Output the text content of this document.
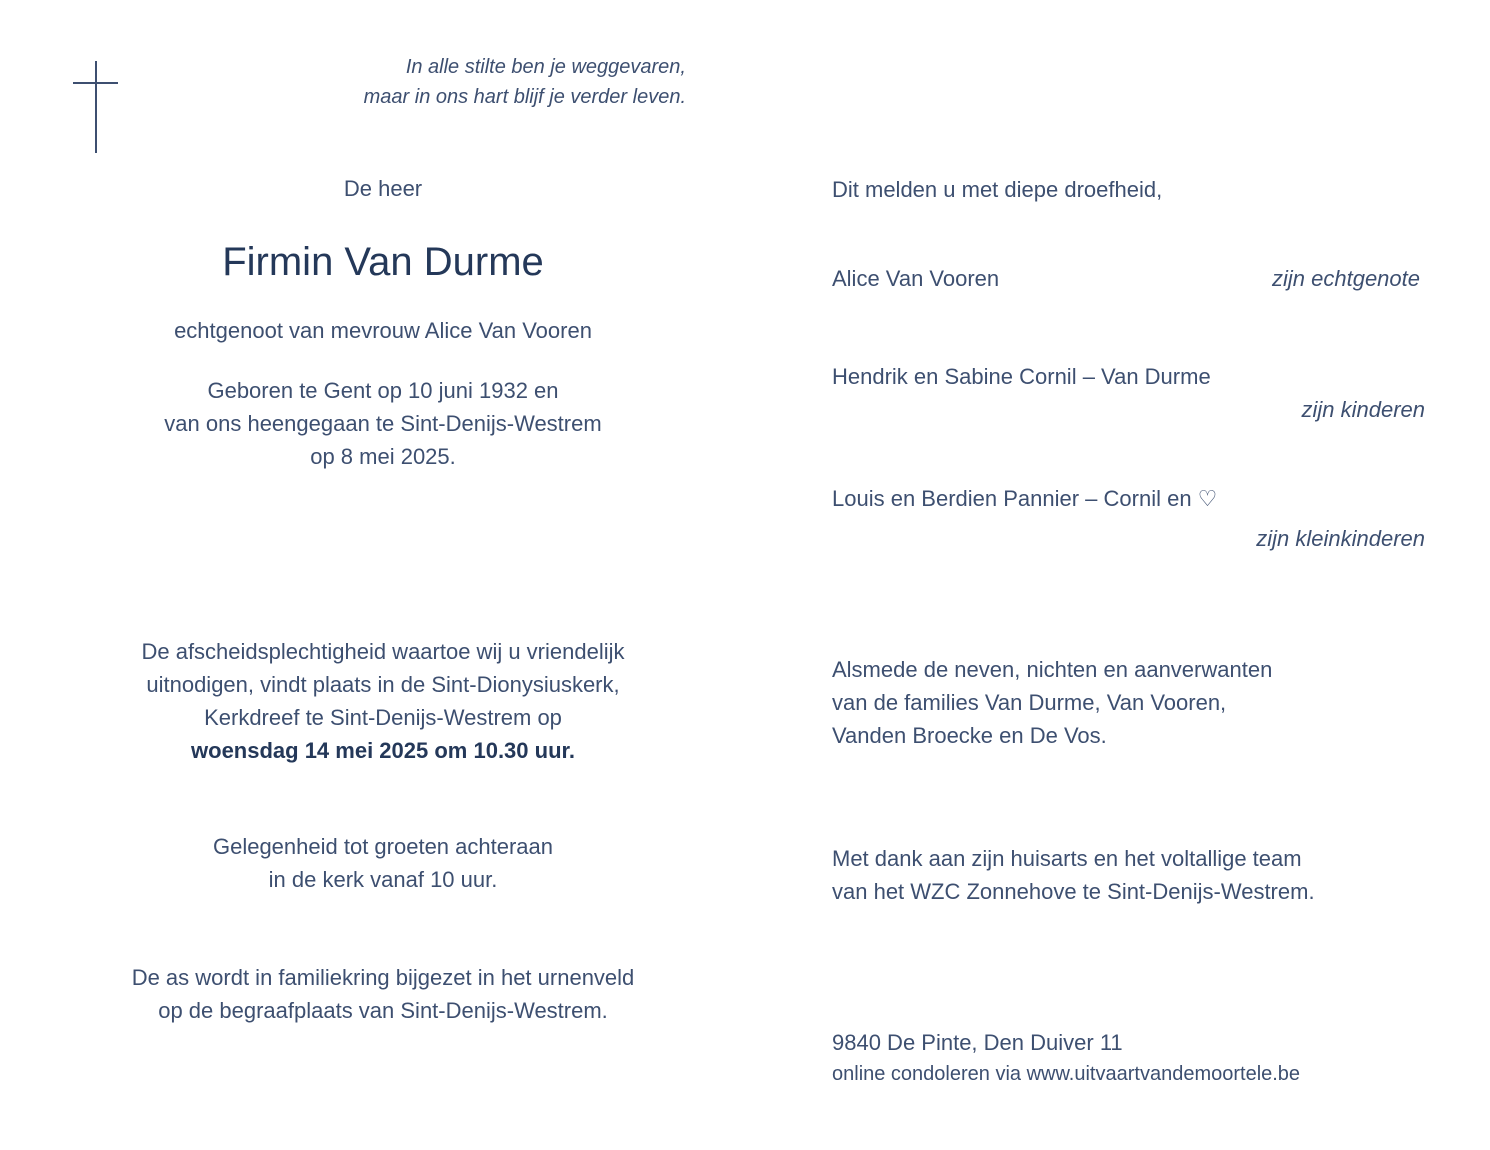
In alle stilte ben je weggevaren,

maar in ons hart blijf je verder leven.

De heer
Firmin Van Durme
echtgenoot van mevrouw Alice Van Vooren

Geboren te Gent op 10 juni 1932 en

van ons heengegaan te Sint-Denijs-Westrem

op 8 mei 2025.

De afscheidsplechtigheid waartoe wij u vriendelijk

uitnodigen, vindt plaats in de Sint-Dionysiuskerk,

Kerkdreef te Sint-Denijs-Westrem op

woensdag 14 mei 2025 om 10.30 uur.

Gelegenheid tot groeten achteraan

in de kerk vanaf 10 uur.

De as wordt in familiekring bijgezet in het urnenveld

op de begraafplaats van Sint-Denijs-Westrem.

Dit melden u met diepe droefheid,
Alice Van Vooren	zijn echtgenote
Hendrik en Sabine Cornil – Van Durme
zijn kinderen
Louis en Berdien Pannier – Cornil en ♡
zijn kleinkinderen

Alsmede de neven, nichten en aanverwanten

van de families Van Durme, Van Vooren,

Vanden Broecke en De Vos.

Met dank aan zijn huisarts en het voltallige team

van het WZC Zonnehove te Sint-Denijs-Westrem.

9840 De Pinte, Den Duiver 11
online condoleren via www.uitvaartvandemoortele.be
